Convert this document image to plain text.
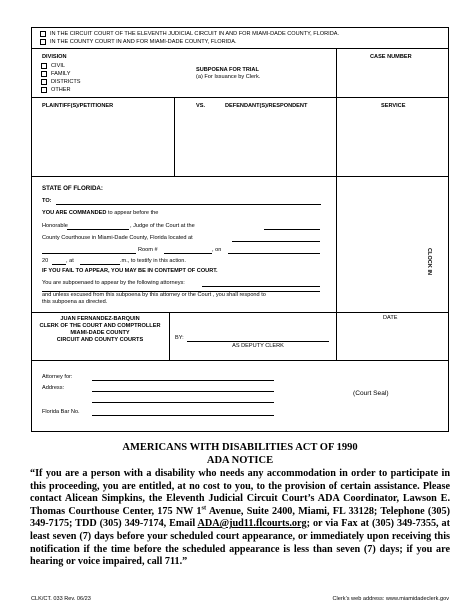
IN THE CIRCUIT COURT OF THE ELEVENTH JUDICIAL CIRCUIT IN AND FOR MIAMI-DADE COUNTY, FLORIDA.
IN THE COUNTY COURT IN AND FOR MIAMI-DADE COUNTY, FLORIDA.
DIVISION
CIVIL
FAMILY
DISTRICTS
OTHER
SUBPOENA FOR TRIAL
(a) For Issuance by Clerk.
CASE NUMBER
PLAINTIFF(S)/PETITIONER	VS.	DEFENDANT(S)/RESPONDENT	SERVICE
STATE OF FLORIDA:
TO:
YOU ARE COMMANDED to appear before the
Honorable	, Judge of the Court at the
County Courthouse in Miami-Dade County, Florida located at
Room #	, on
20	, at	.m., to testify in this action.
IF YOU FAIL TO APPEAR, YOU MAY BE IN CONTEMPT OF COURT.
You are subpoenaed to appear by the following attorneys:
and unless excused from this subpoena by this attorney or the Court , you shall respond to
this subpoena as directed.
CLOCK IN
JUAN FERNANDEZ-BARQUIN
CLERK OF THE COURT AND COMPTROLLER
MIAMI-DADE COUNTY
CIRCUIT AND COUNTY COURTS	BY:
AS DEPUTY CLERK
DATE
Attorney for:
Address:
Florida Bar No.
(Court Seal)
AMERICANS WITH DISABILITIES ACT OF 1990
ADA NOTICE
“If you are a person with a disability who needs any accommodation in order to participate in this proceeding, you are entitled, at no cost to you, to the provision of certain assistance. Please contact Alicean Simpkins, the Eleventh Judicial Circuit Court’s ADA Coordinator, Lawson E. Thomas Courthouse Center, 175 NW 1st Avenue, Suite 2400, Miami, FL 33128; Telephone (305) 349-7175; TDD (305) 349-7174, Email ADA@jud11.flcourts.org; or via Fax at (305) 349-7355, at least seven (7) days before your scheduled court appearance, or immediately upon receiving this notification if the time before the scheduled appearance is less than seven (7) days; if you are hearing or voice impaired, call 711.”
CLK/CT. 033 Rev. 06/23	Clerk’s web address: www.miamidadeclerk.gov
